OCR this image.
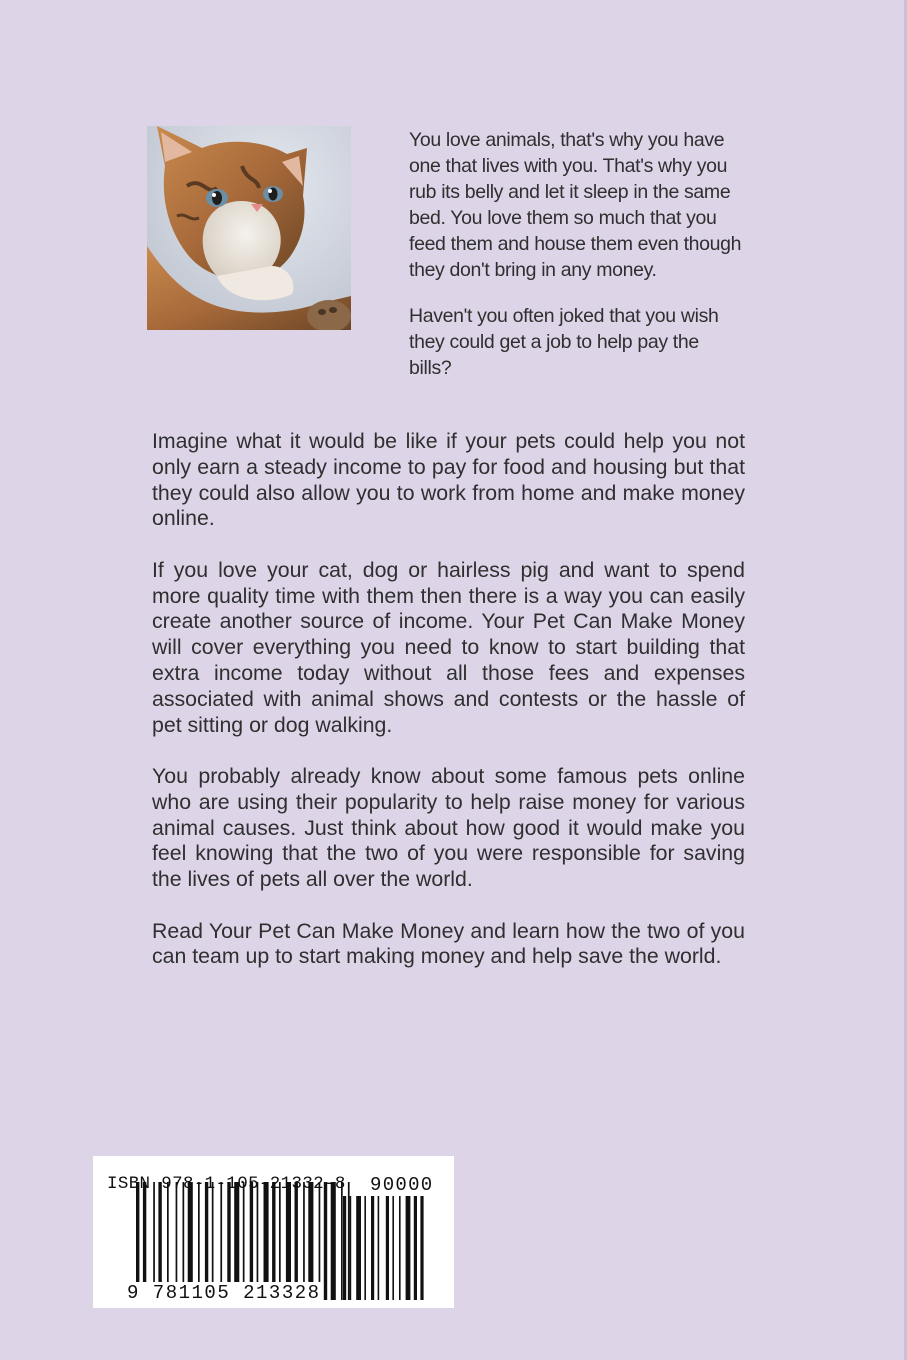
You love animals, that's why you have one that lives with you. That's why you rub its belly and let it sleep in the same bed. You love them so much that you feed them and house them even though they don't bring in any money.

Haven't you often joked that you wish they could get a job to help pay the bills?

Imagine what it would be like if your pets could help you not only earn a steady income to pay for food and housing but that they could also allow you to work from home and make money online.

If you love your cat, dog or hairless pig and want to spend more quality time with them then there is a way you can easily create another source of income. Your Pet Can Make Money will cover everything you need to know to start building that extra income today without all those fees and expenses associated with animal shows and contests or the hassle of pet sitting or dog walking.

You probably already know about some famous pets online who are using their popularity to help raise money for various animal causes. Just think about how good it would make you feel knowing that the two of you were responsible for saving the lives of pets all over the world.

Read Your Pet Can Make Money and learn how the two of you can team up to start making money and help save the world.

ISBN 978-1-105-21332-8 90000
9 781105 213328
